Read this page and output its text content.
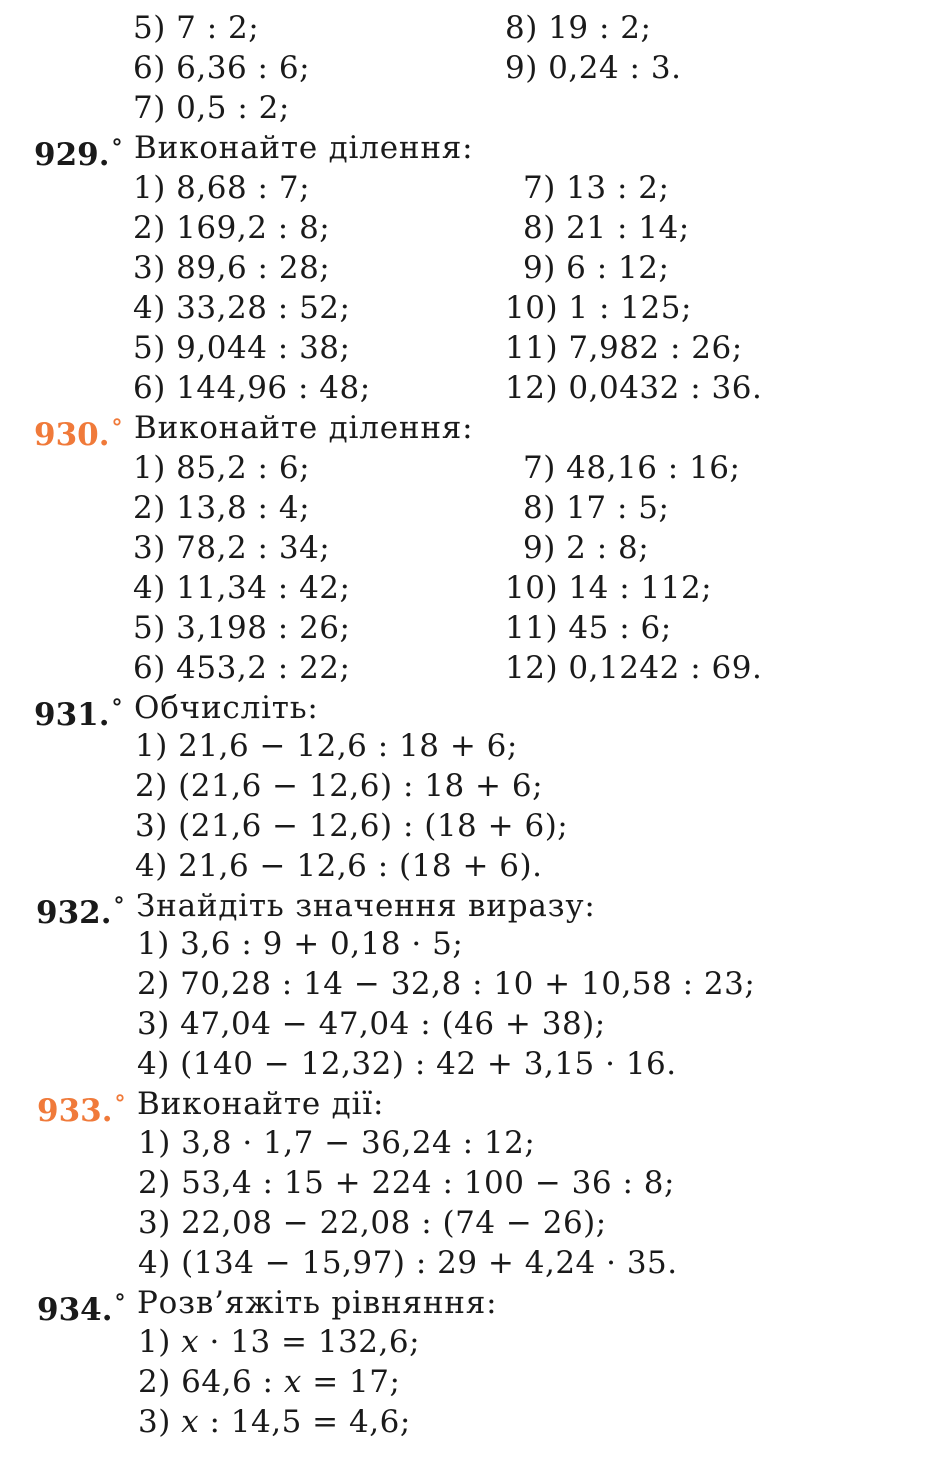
5) 7 : 2;	8) 19 : 2;
6) 6,36 : 6;	9) 0,24 : 3.
7) 0,5 : 2;
929.° Виконайте ділення:
1) 8,68 : 7;	7) 13 : 2;
2) 169,2 : 8;	8) 21 : 14;
3) 89,6 : 28;	9) 6 : 12;
4) 33,28 : 52;	10) 1 : 125;
5) 9,044 : 38;	11) 7,982 : 26;
6) 144,96 : 48;	12) 0,0432 : 36.
930.° Виконайте ділення:
1) 85,2 : 6;	7) 48,16 : 16;
2) 13,8 : 4;	8) 17 : 5;
3) 78,2 : 34;	9) 2 : 8;
4) 11,34 : 42;	10) 14 : 112;
5) 3,198 : 26;	11) 45 : 6;
6) 453,2 : 22;	12) 0,1242 : 69.
931.° Обчисліть:
1) 21,6 − 12,6 : 18 + 6;
2) (21,6 − 12,6) : 18 + 6;
3) (21,6 − 12,6) : (18 + 6);
4) 21,6 − 12,6 : (18 + 6).
932.° Знайдіть значення виразу:
1) 3,6 : 9 + 0,18 · 5;
2) 70,28 : 14 − 32,8 : 10 + 10,58 : 23;
3) 47,04 − 47,04 : (46 + 38);
4) (140 − 12,32) : 42 + 3,15 · 16.
933.° Виконайте дії:
1) 3,8 · 1,7 − 36,24 : 12;
2) 53,4 : 15 + 224 : 100 − 36 : 8;
3) 22,08 − 22,08 : (74 − 26);
4) (134 − 15,97) : 29 + 4,24 · 35.
934.° Розв’яжіть рівняння:
1) x · 13 = 132,6;
2) 64,6 : x = 17;
3) x : 14,5 = 4,6;
